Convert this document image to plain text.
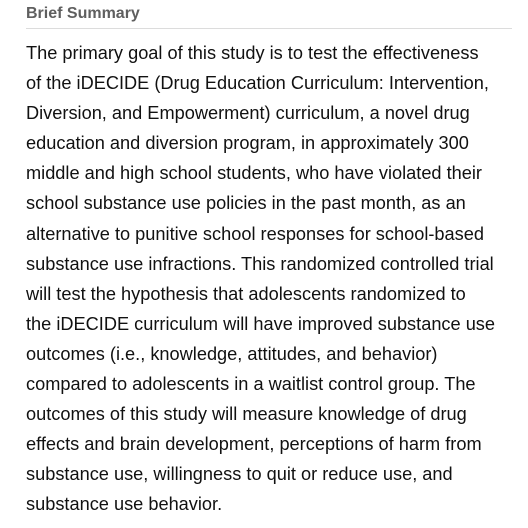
Brief Summary

The primary goal of this study is to test the effectiveness
of the iDECIDE (Drug Education Curriculum: Intervention,
Diversion, and Empowerment) curriculum, a novel drug
education and diversion program, in approximately 300
middle and high school students, who have violated their
school substance use policies in the past month, as an
alternative to punitive school responses for school-based
substance use infractions. This randomized controlled trial
will test the hypothesis that adolescents randomized to
the iDECIDE curriculum will have improved substance use
outcomes (i.e., knowledge, attitudes, and behavior)
compared to adolescents in a waitlist control group. The
outcomes of this study will measure knowledge of drug
effects and brain development, perceptions of harm from
substance use, willingness to quit or reduce use, and
substance use behavior.
